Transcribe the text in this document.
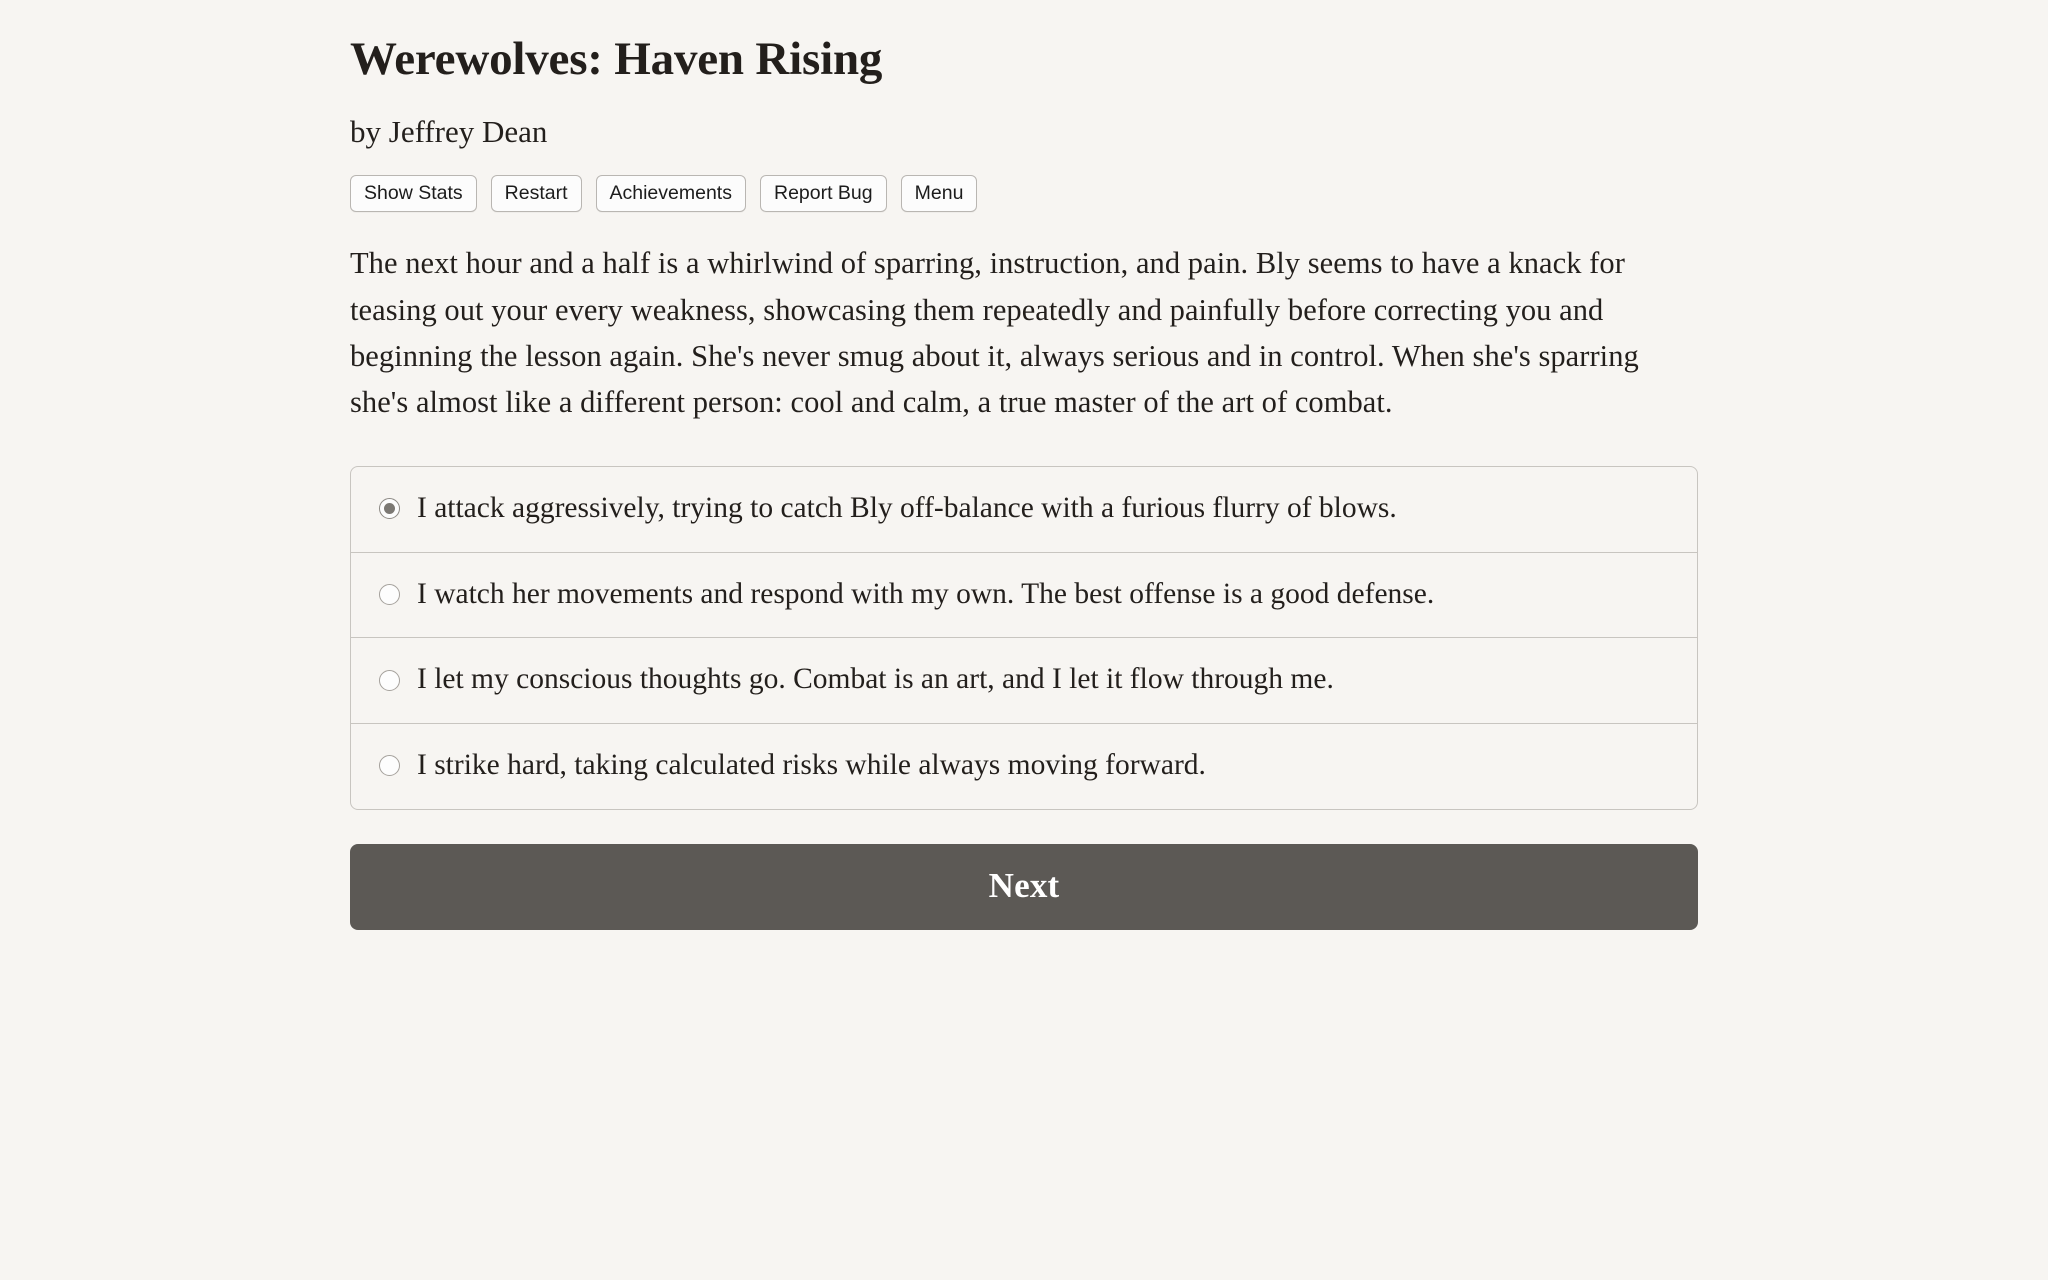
Werewolves: Haven Rising
by Jeffrey Dean
Show Stats	Restart	Achievements	Report Bug	Menu

The next hour and a half is a whirlwind of sparring, instruction, and pain. Bly seems to have a knack for teasing out your every weakness, showcasing them repeatedly and painfully before correcting you and beginning the lesson again. She's never smug about it, always serious and in control. When she's sparring she's almost like a different person: cool and calm, a true master of the art of combat.

I attack aggressively, trying to catch Bly off-balance with a furious flurry of blows.
I watch her movements and respond with my own. The best offense is a good defense.
I let my conscious thoughts go. Combat is an art, and I let it flow through me.
I strike hard, taking calculated risks while always moving forward.
Next
